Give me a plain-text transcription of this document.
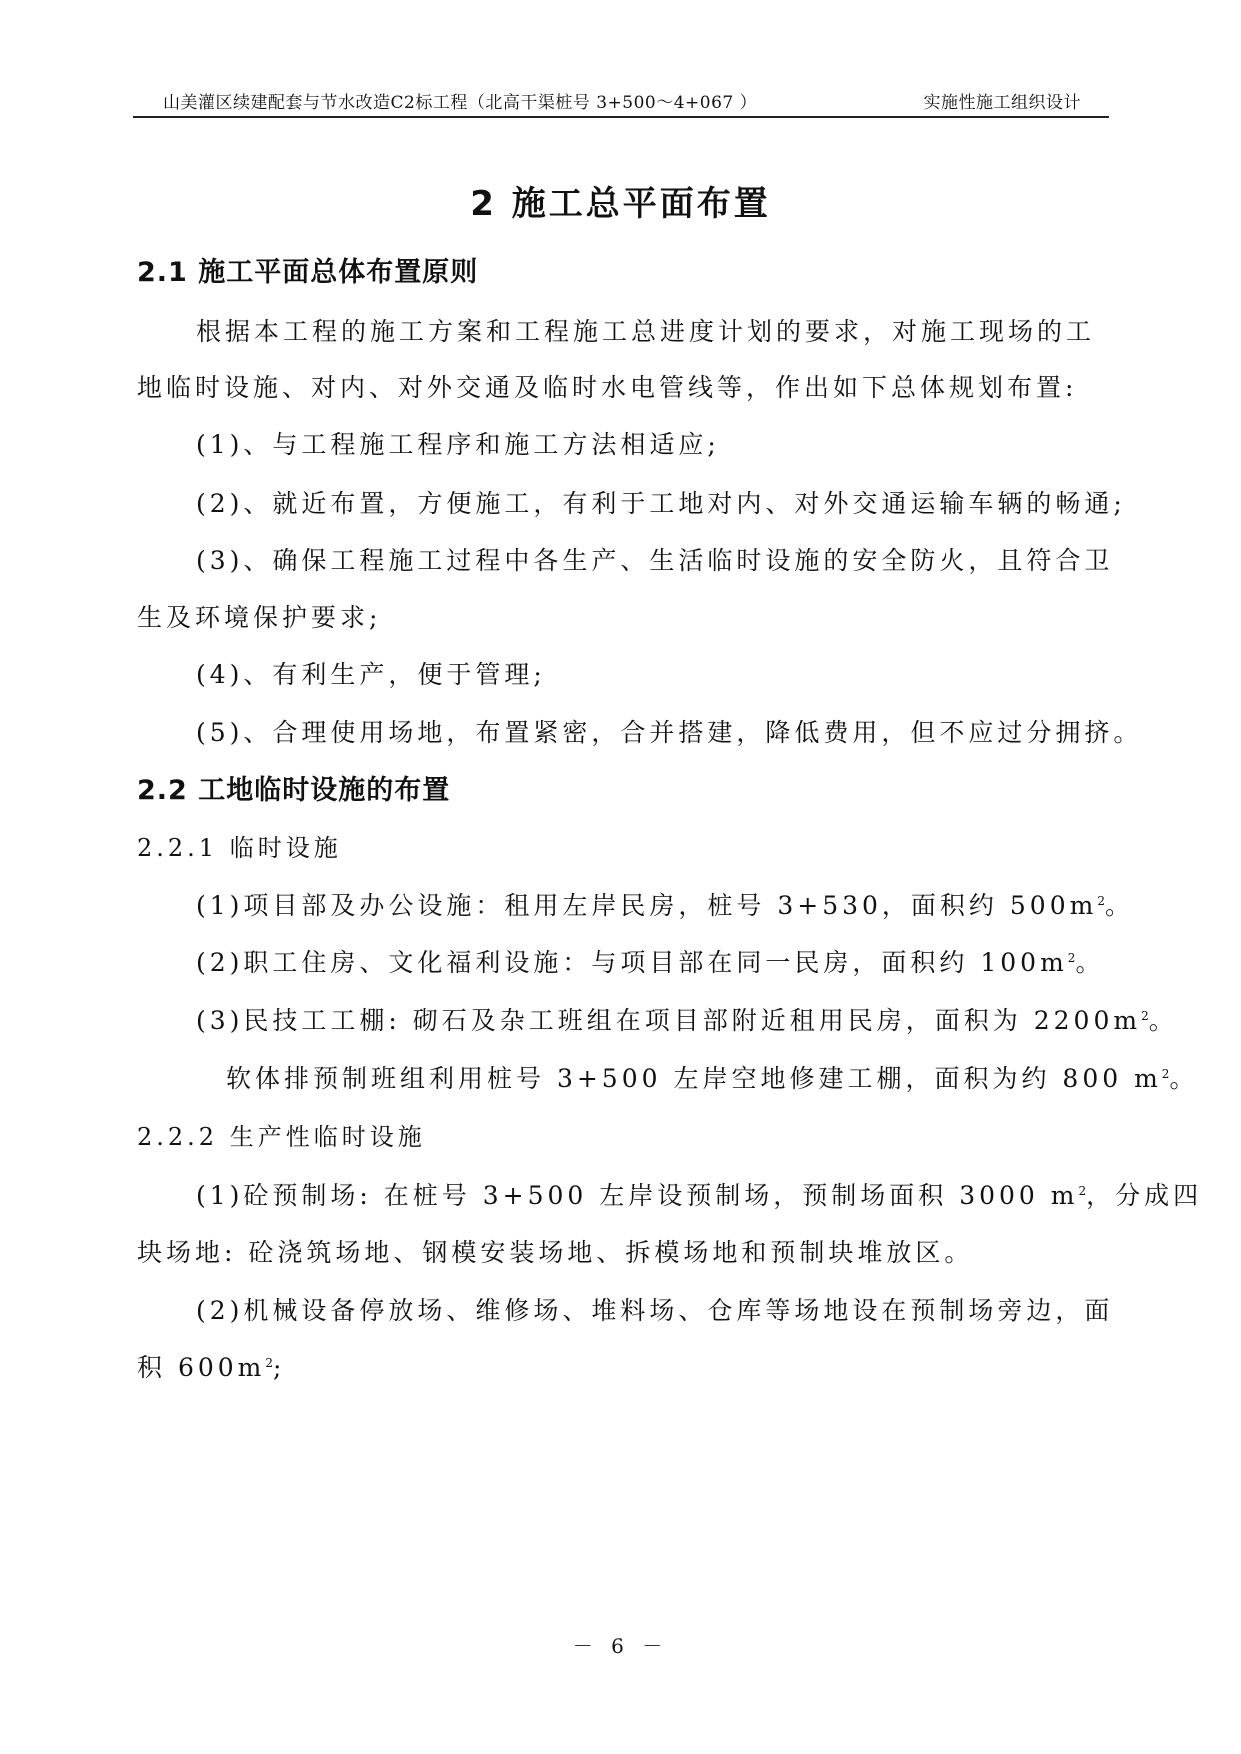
山美灌区续建配套与节水改造C2标工程（北高干渠桩号 3+500～4+067 ）	实施性施工组织设计
2 施工总平面布置
2.1 施工平面总体布置原则
根据本工程的施工方案和工程施工总进度计划的要求，对施工现场的工
地临时设施、对内、对外交通及临时水电管线等，作出如下总体规划布置:
(1)、与工程施工程序和施工方法相适应;
(2)、就近布置，方便施工，有利于工地对内、对外交通运输车辆的畅通;
(3)、确保工程施工过程中各生产、生活临时设施的安全防火，且符合卫
生及环境保护要求;
(4)、有利生产，便于管理;
(5)、合理使用场地，布置紧密，合并搭建，降低费用，但不应过分拥挤。
2.2 工地临时设施的布置
2.2.1 临时设施
(1)项目部及办公设施：租用左岸民房，桩号 3+530，面积约 $500m^2$。
(2)职工住房、文化福利设施：与项目部在同一民房，面积约 $100m^2$。
(3)民技工工棚: 砌石及杂工班组在项目部附近租用民房，面积为 $2200m^2$。
软体排预制班组利用桩号 3+500 左岸空地修建工棚，面积为约 800 $m^2$。
2.2.2 生产性临时设施
(1)砼预制场: 在桩号 3+500 左岸设预制场，预制场面积 3000 $m^2$，分成四
块场地: 砼浇筑场地、钢模安装场地、拆模场地和预制块堆放区。
(2)机械设备停放场、维修场、堆料场、仓库等场地设在预制场旁边，面
积 $600m^2$;
－ 6 －
